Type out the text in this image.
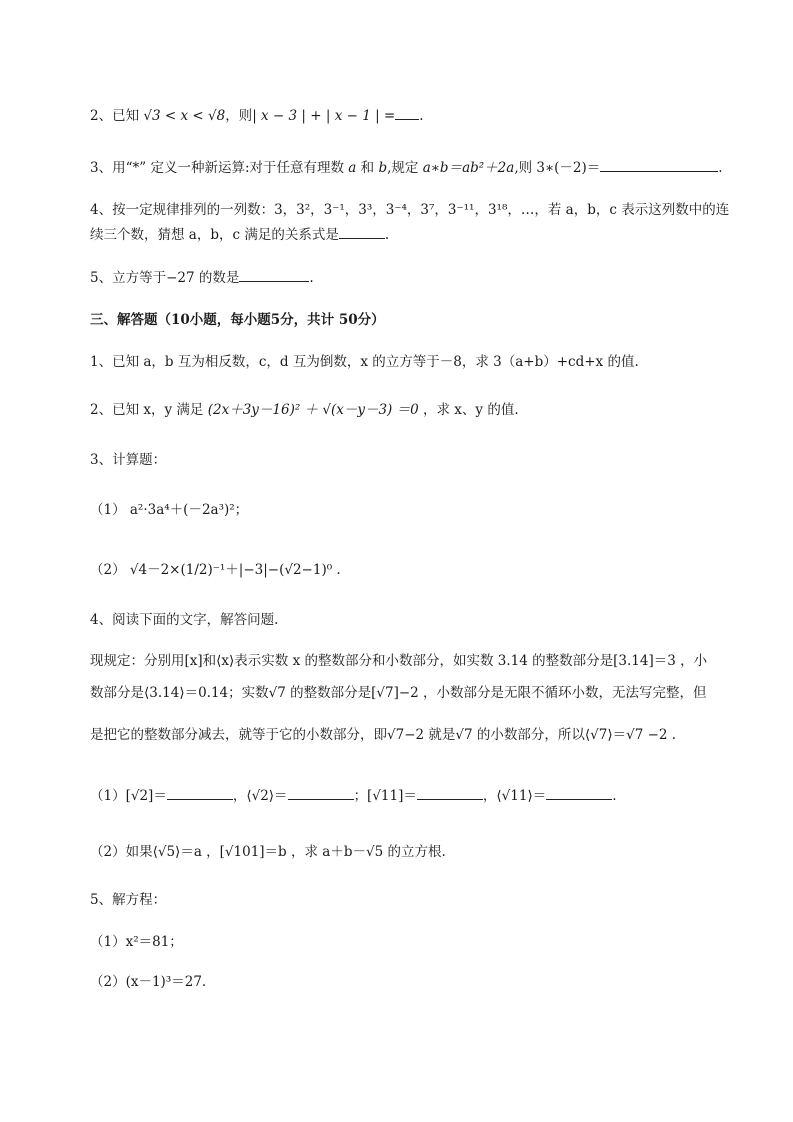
2、已知 √3 < x < √8，则| x − 3 | + | x − 1 | = .
3、用“*” 定义一种新运算:对于任意有理数 a 和 b,规定 a∗b＝ab²＋2a,则 3∗(－2)＝	.
4、按一定规律排列的一列数：3，3²，3⁻¹，3³，3⁻⁴，3⁷，3⁻¹¹，3¹⁸，…，若 a，b，c 表示这列数中的连
续三个数，猜想 a，b，c 满足的关系式是	.
5、立方等于−27 的数是	.
三、解答题（10小题，每小题5分，共计 50分）
1、已知 a，b 互为相反数，c，d 互为倒数，x 的立方等于－8，求 3（a+b）+cd+x 的值.
2、已知 x，y 满足 (2x＋3y－16)² ＋ √(x－y－3) ＝0 ，求 x、y 的值.
3、计算题：
（1） a²·3a⁴＋(－2a³)²；
（2） √4－2×(1/2)⁻¹＋|−3|−(√2−1)⁰ .
4、阅读下面的文字，解答问题.
现规定：分别用[x]和⟨x⟩表示实数 x 的整数部分和小数部分，如实数 3.14 的整数部分是[3.14]＝3 ，小
数部分是⟨3.14⟩＝0.14；实数√7 的整数部分是[√7]−2 ，小数部分是无限不循环小数，无法写完整，但
是把它的整数部分减去，就等于它的小数部分，即√7−2 就是√7 的小数部分，所以⟨√7⟩＝√7 −2 .
（1）[√2]＝	，⟨√2⟩＝	；[√11]＝	，⟨√11⟩＝	.
（2）如果⟨√5⟩＝a ，[√101]＝b ，求 a＋b－√5 的立方根.
5、解方程：
（1）x²＝81；
（2）(x－1)³＝27.
